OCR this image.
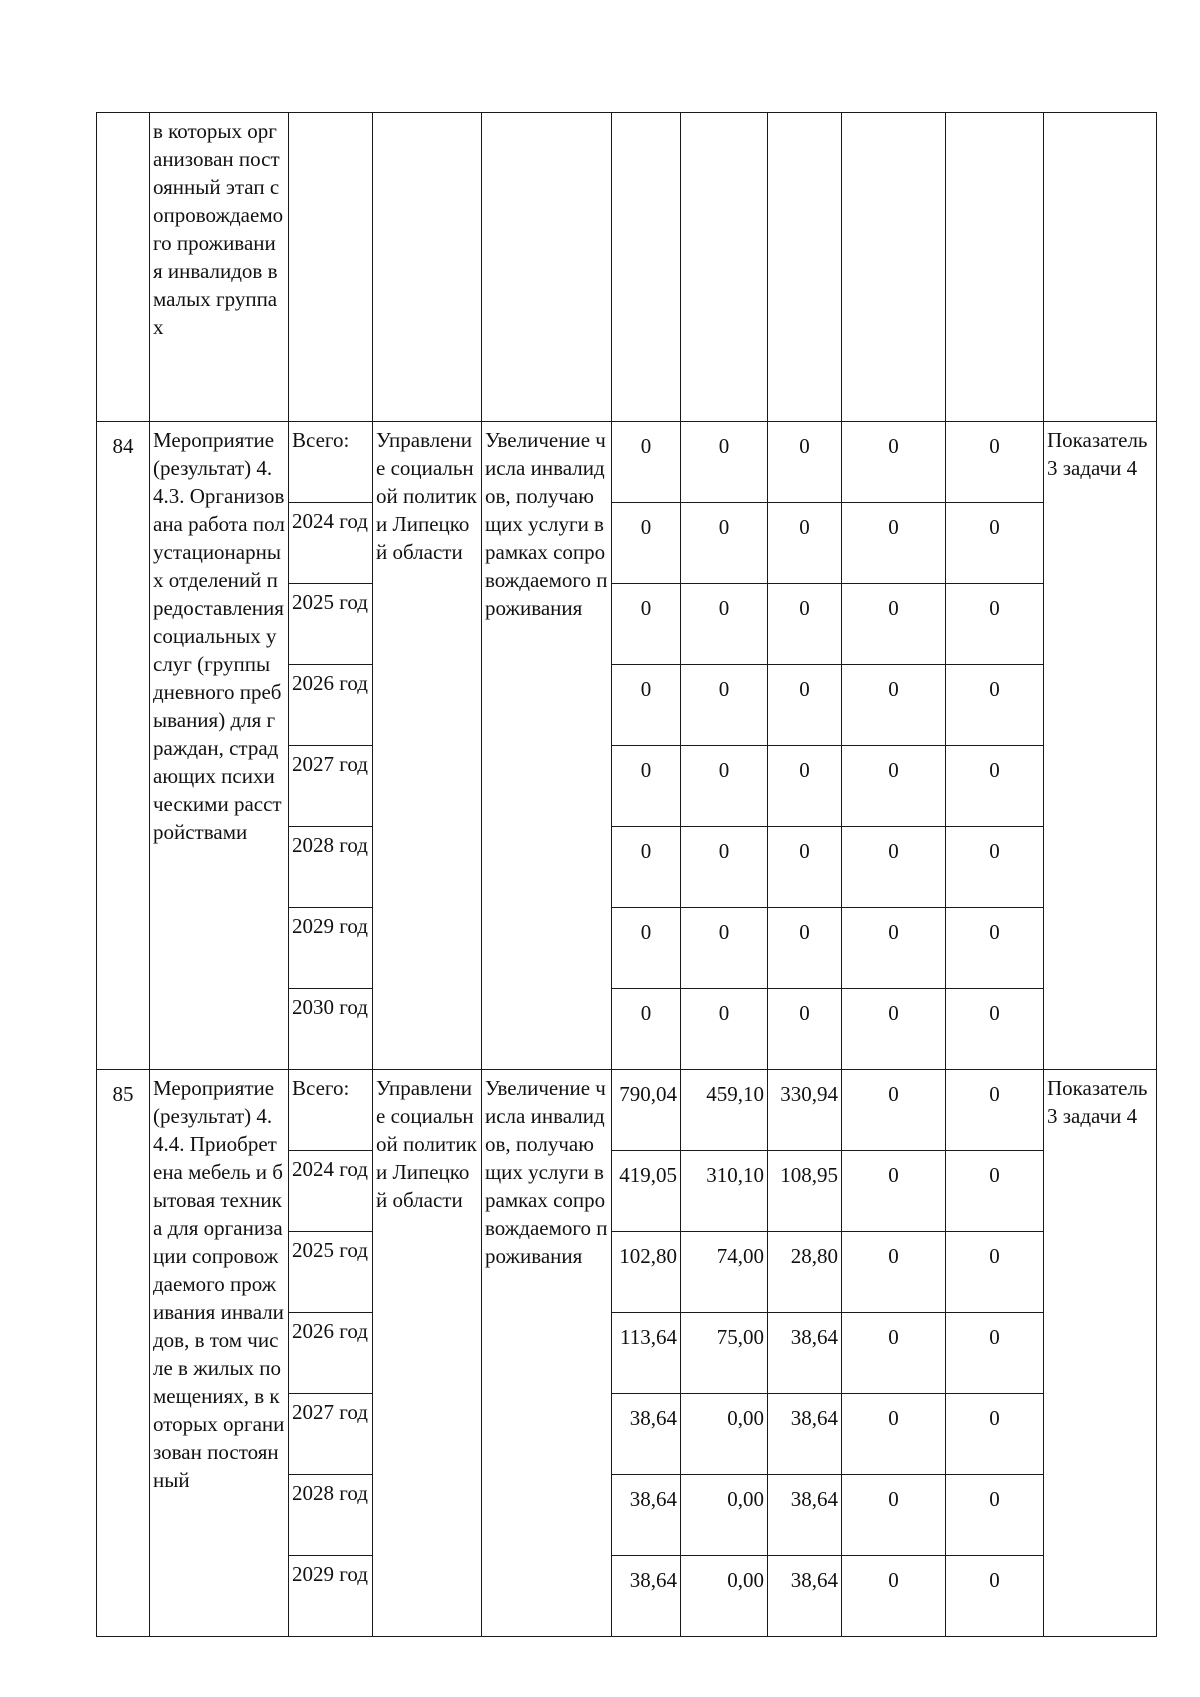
	в которых организован постоянный этап сопровождаемого проживания инвалидов в малых группах									
84	Мероприятие (результат) 4.4.3. Организована работа полустационарных отделений предоставления социальных услуг (группы дневного пребывания) для граждан, страдающих психическими расстройствами	Всего:	Управление социальной политики Липецкой области	Увеличение числа инвалидов, получающих услуги в рамках сопровождаемого проживания	0	0	0	0	0	Показатель 3 задачи 4
		2024 год			0	0	0	0	0	
		2025 год			0	0	0	0	0	
		2026 год			0	0	0	0	0	
		2027 год			0	0	0	0	0	
		2028 год			0	0	0	0	0	
		2029 год			0	0	0	0	0	
		2030 год			0	0	0	0	0	
85	Мероприятие (результат) 4.4.4. Приобретена мебель и бытовая техника для организации сопровождаемого проживания инвалидов, в том числе в жилых помещениях, в которых организован постоянный	Всего:	Управление социальной политики Липецкой области	Увеличение числа инвалидов, получающих услуги в рамках сопровождаемого проживания	790,04	459,10	330,94	0	0	Показатель 3 задачи 4
		2024 год			419,05	310,10	108,95	0	0	
		2025 год			102,80	74,00	28,80	0	0	
		2026 год			113,64	75,00	38,64	0	0	
		2027 год			38,64	0,00	38,64	0	0	
		2028 год			38,64	0,00	38,64	0	0	
		2029 год			38,64	0,00	38,64	0	0	
